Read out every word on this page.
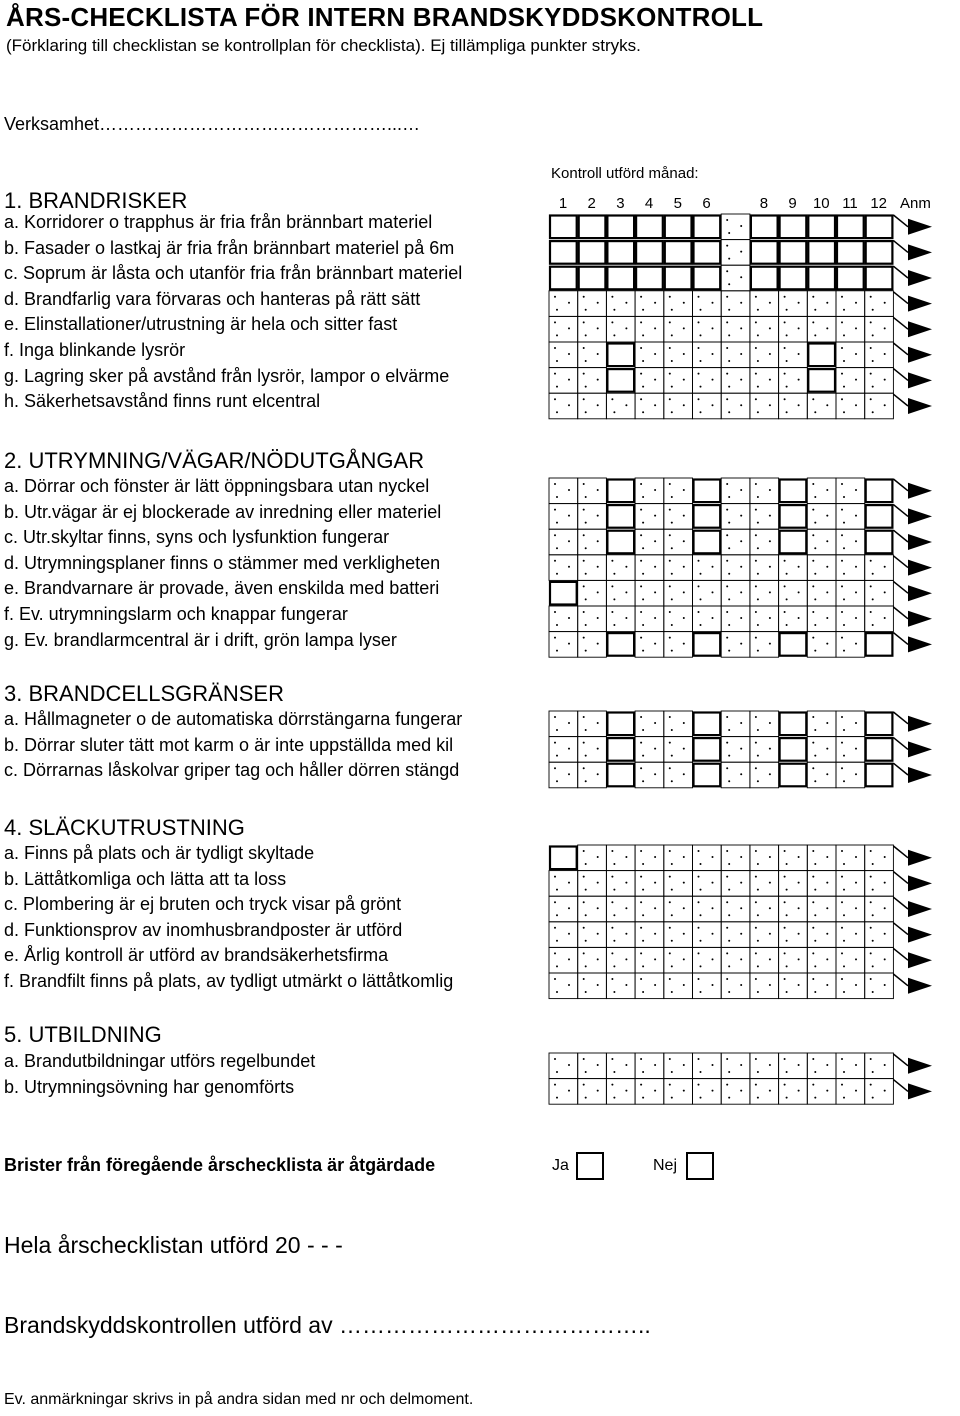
ÅRS-CHECKLISTA FÖR INTERN BRANDSKYDDSKONTROLL
(Förklaring till checklistan se kontrollplan för checklista). Ej tillämpliga punkter stryks.
Verksamhet…………………………………………...…
Kontroll utförd månad:
1	2	3	4	5	6	8	9	10 11 12 Anm
1. BRANDRISKER
a. Korridorer o trapphus är fria från brännbart materiel
b. Fasader o lastkaj är fria från brännbart materiel på 6m
c. Soprum är låsta och utanför fria från brännbart materiel
d. Brandfarlig vara förvaras och hanteras på rätt sätt
e. Elinstallationer/utrustning är hela och sitter fast
f. Inga blinkande lysrör
g. Lagring sker på avstånd från lysrör, lampor o elvärme
h. Säkerhetsavstånd finns runt elcentral
2. UTRYMNING/VÄGAR/NÖDUTGÅNGAR
a. Dörrar och fönster är lätt öppningsbara utan nyckel
b. Utr.vägar är ej blockerade av inredning eller materiel
c. Utr.skyltar finns, syns och lysfunktion fungerar
d. Utrymningsplaner finns o stämmer med verkligheten
e. Brandvarnare är provade, även enskilda med batteri
f. Ev. utrymningslarm och knappar fungerar
g. Ev. brandlarmcentral är i drift, grön lampa lyser
3. BRANDCELLSGRÄNSER
a. Hållmagneter o de automatiska dörrstängarna fungerar
b. Dörrar sluter tätt mot karm o är inte uppställda med kil
c. Dörrarnas låskolvar griper tag och håller dörren stängd
4. SLÄCKUTRUSTNING
a. Finns på plats och är tydligt skyltade
b. Lättåtkomliga och lätta att ta loss
c. Plombering är ej bruten och tryck visar på grönt
d. Funktionsprov av inomhusbrandposter är utförd
e. Årlig kontroll är utförd av brandsäkerhetsfirma
f. Brandfilt finns på plats, av tydligt utmärkt o lättåtkomlig
5. UTBILDNING
a. Brandutbildningar utförs regelbundet
b. Utrymningsövning har genomförts
Brister från föregående årschecklista är åtgärdade	Ja	Nej
Hela årschecklistan utförd 20 - - -
Brandskyddskontrollen utförd av …………………………………..
Ev. anmärkningar skrivs in på andra sidan med nr och delmoment.
